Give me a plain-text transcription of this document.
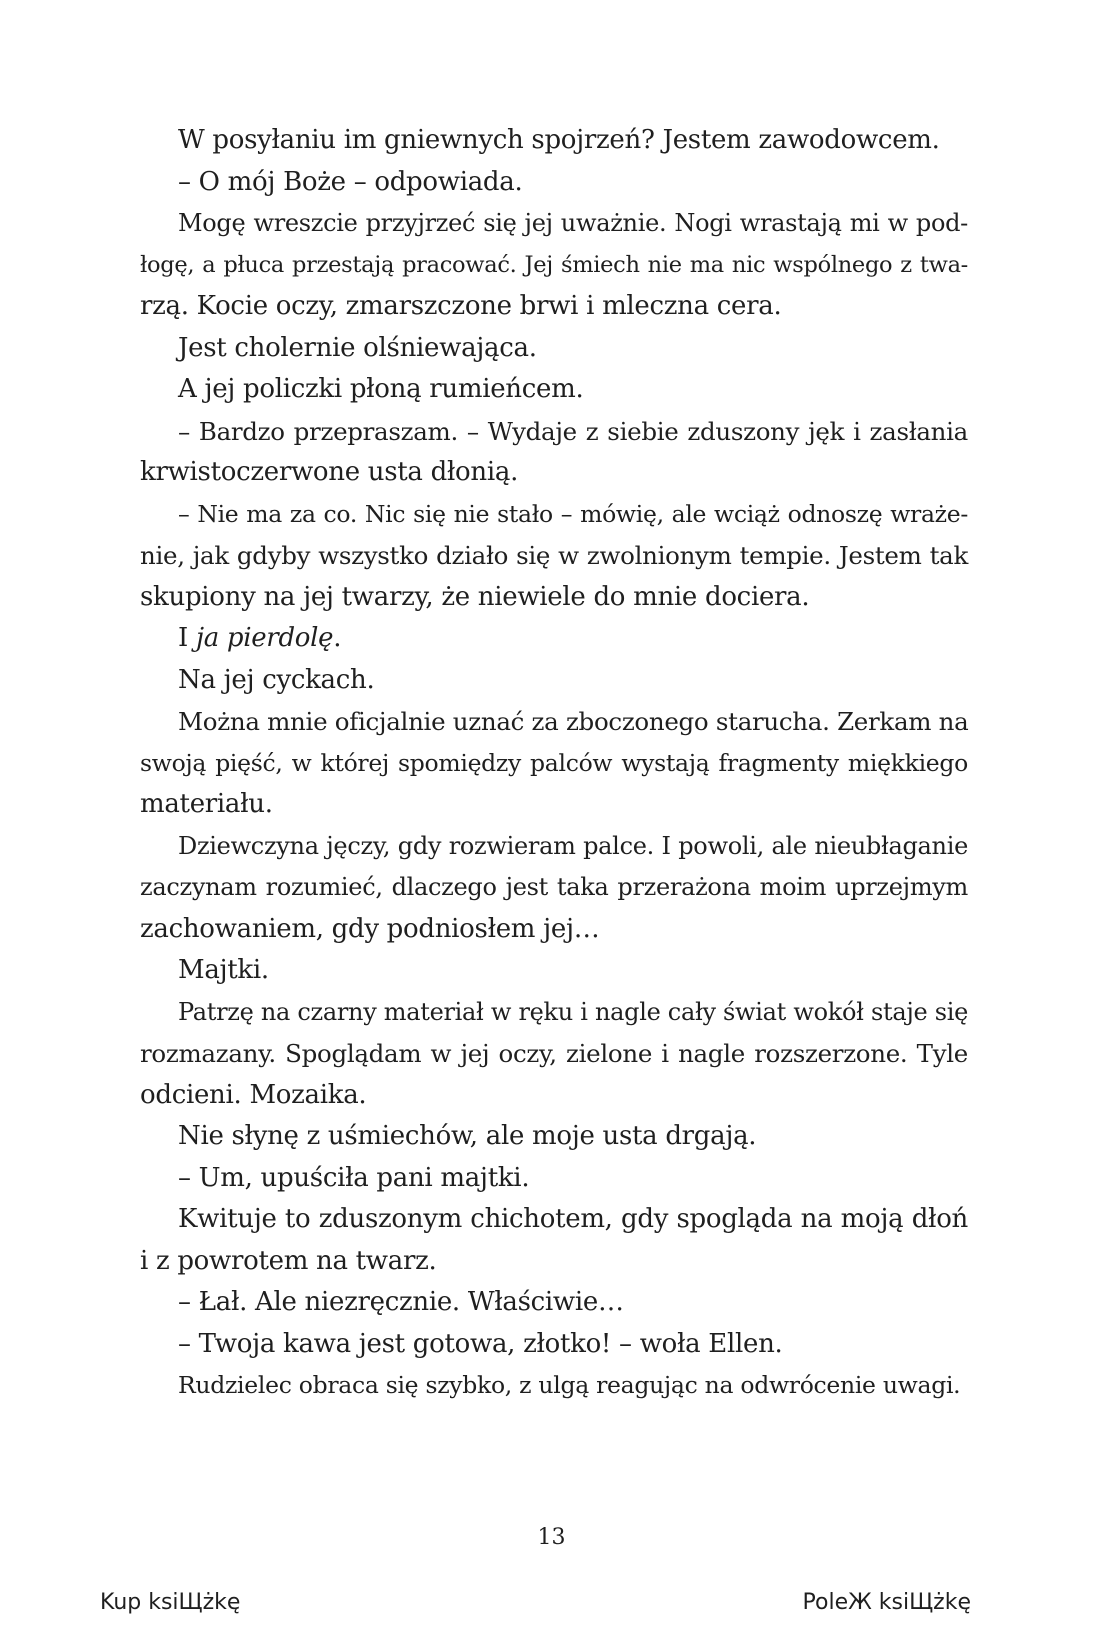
W posyłaniu im gniewnych spojrzeń? Jestem zawodowcem.
– O mój Boże – odpowiada.
Mogę wreszcie przyjrzeć się jej uważnie. Nogi wrastają mi w pod-
łogę, a płuca przestają pracować. Jej śmiech nie ma nic wspólnego z twa-
rzą. Kocie oczy, zmarszczone brwi i mleczna cera.
Jest cholernie olśniewająca.
A jej policzki płoną rumieńcem.
– Bardzo przepraszam. – Wydaje z siebie zduszony jęk i zasłania
krwistoczerwone usta dłonią.
– Nie ma za co. Nic się nie stało – mówię, ale wciąż odnoszę wraże-
nie, jak gdyby wszystko działo się w zwolnionym tempie. Jestem tak
skupiony na jej twarzy, że niewiele do mnie dociera.
I ja pierdolę.
Na jej cyckach.
Można mnie oficjalnie uznać za zboczonego starucha. Zerkam na
swoją pięść, w której spomiędzy palców wystają fragmenty miękkiego
materiału.
Dziewczyna jęczy, gdy rozwieram palce. I powoli, ale nieubłaganie
zaczynam rozumieć, dlaczego jest taka przerażona moim uprzejmym
zachowaniem, gdy podniosłem jej…
Majtki.
Patrzę na czarny materiał w ręku i nagle cały świat wokół staje się
rozmazany. Spoglądam w jej oczy, zielone i nagle rozszerzone. Tyle
odcieni. Mozaika.
Nie słynę z uśmiechów, ale moje usta drgają.
– Um, upuściła pani majtki.
Kwituje to zduszonym chichotem, gdy spogląda na moją dłoń
i z powrotem na twarz.
– Łał. Ale niezręcznie. Właściwie…
– Twoja kawa jest gotowa, złotko! – woła Ellen.
Rudzielec obraca się szybko, z ulgą reagując na odwrócenie uwagi.
13
Kup ksiЩżkę	PoleЖ ksiЩżkę
